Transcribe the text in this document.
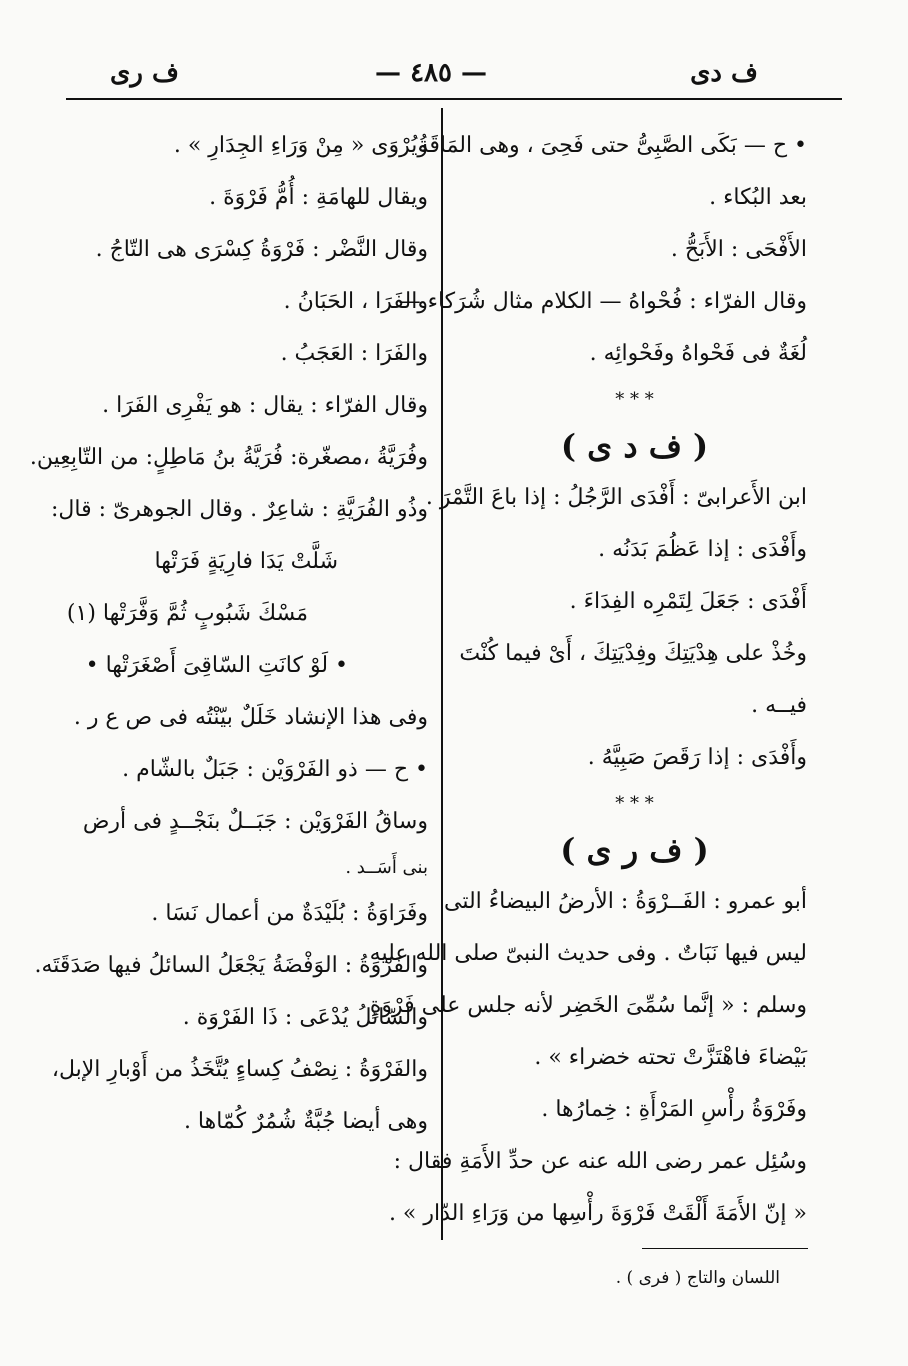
ف دى
— ٤٨٥ —
ف رى
• ح — بَكَى الصَّبِىُّ حتى فَحِىَ ، وهى المَاقَةُ
بعد البُكاء .
الأَفْحَى : الأَبَحُّ .
وقال الفرّاء : فُحْواهُ — الكلام مثال شُرَكاء —
لُغَةٌ فى فَحْواهُ وفَحْوائِه .
* * *
( ف د ى )
ابن الأَعرابىّ : أَفْدَى الرَّجُلُ : إذا باعَ التَّمْرَ .
وأَفْدَى : إذا عَظُمَ بَدَنُه .
أَفْدَى : جَعَلَ لِتَمْرِه الفِدَاءَ .
وخُذْ على هِدْيَتِكَ وفِدْيَتِكَ ، أَىْ فيما كُنْتَ
فيــه .
وأَفْدَى : إذا رَقَصَ صَبِيَّهُ .
* * *
( ف ر ى )
أبو عمرو : الفَــرْوَةُ : الأرضُ البيضاءُ التى
ليس فيها نَبَاتٌ . وفى حديث النبىّ صلى الله عليه
وسلم : « إنَّما سُمِّىَ الخَضِر لأنه جلس على فَرْوَةٍ
بَيْضاءَ فاهْتَزَّتْ تحته خضراء » .
وفَرْوَةُ رأْسِ المَرْأَةِ : خِمارُها .
وسُئِل عمر رضى الله عنه عن حدِّ الأَمَةِ فقال :
« إنّ الأَمَةَ أَلْقَتْ فَرْوَةَ رأْسِها من وَرَاءِ الدّار » .
ويُرْوَى « مِنْ وَرَاءِ الجِدَارِ » .
ويقال للهامَةِ : أُمُّ فَرْوَةَ .
وقال النَّضْر : فَرْوَةُ كِسْرَى هى التّاجُ .
والفَرَا ، الحَبَانُ .
والفَرَا : العَجَبُ .
وقال الفرّاء : يقال : هو يَفْرِى الفَرَا .
وفُرَيَّةُ ،مصغّرة: فُرَيَّةُ بنُ مَاطِلٍ: من التّابِعِين.
وذُو الفُرَيَّةِ : شاعِرٌ . وقال الجوهرىّ : قال:
شَلَّتْ يَدَا فارِيَةٍ فَرَتْها
مَسْكَ شَبُوبٍ ثُمَّ وَفَّرَتْها (١)
• لَوْ كانَتِ السّاقِىَ أَصْغَرَتْها •
وفى هذا الإنشاد خَلَلٌ بيّنْتُه فى ص ع ر .
• ح — ذو الفَرْوَيْن : جَبَلٌ بالشّام .
وساقُ الفَرْوَيْن : جَبَــلٌ بنَجْــدٍ فى أرض
بنى أَسَــد .
وفَرَاوَةُ : بُلَيْدَةٌ من أعمال نَسَا .
والفَرْوَةُ : الوَفْضَةُ يَجْعَلُ السائلُ فيها صَدَقَتَه.
والسّائلُ يُدْعَى : ذَا الفَرْوَة .
والفَرْوَةُ : نِصْفُ كِساءٍ يُتَّخَذُ من أَوْبارِ الإبل،
وهى أيضا جُبَّةٌ شُمُرٌ كُمّاها .
اللسان والتاج ( فرى ) .
